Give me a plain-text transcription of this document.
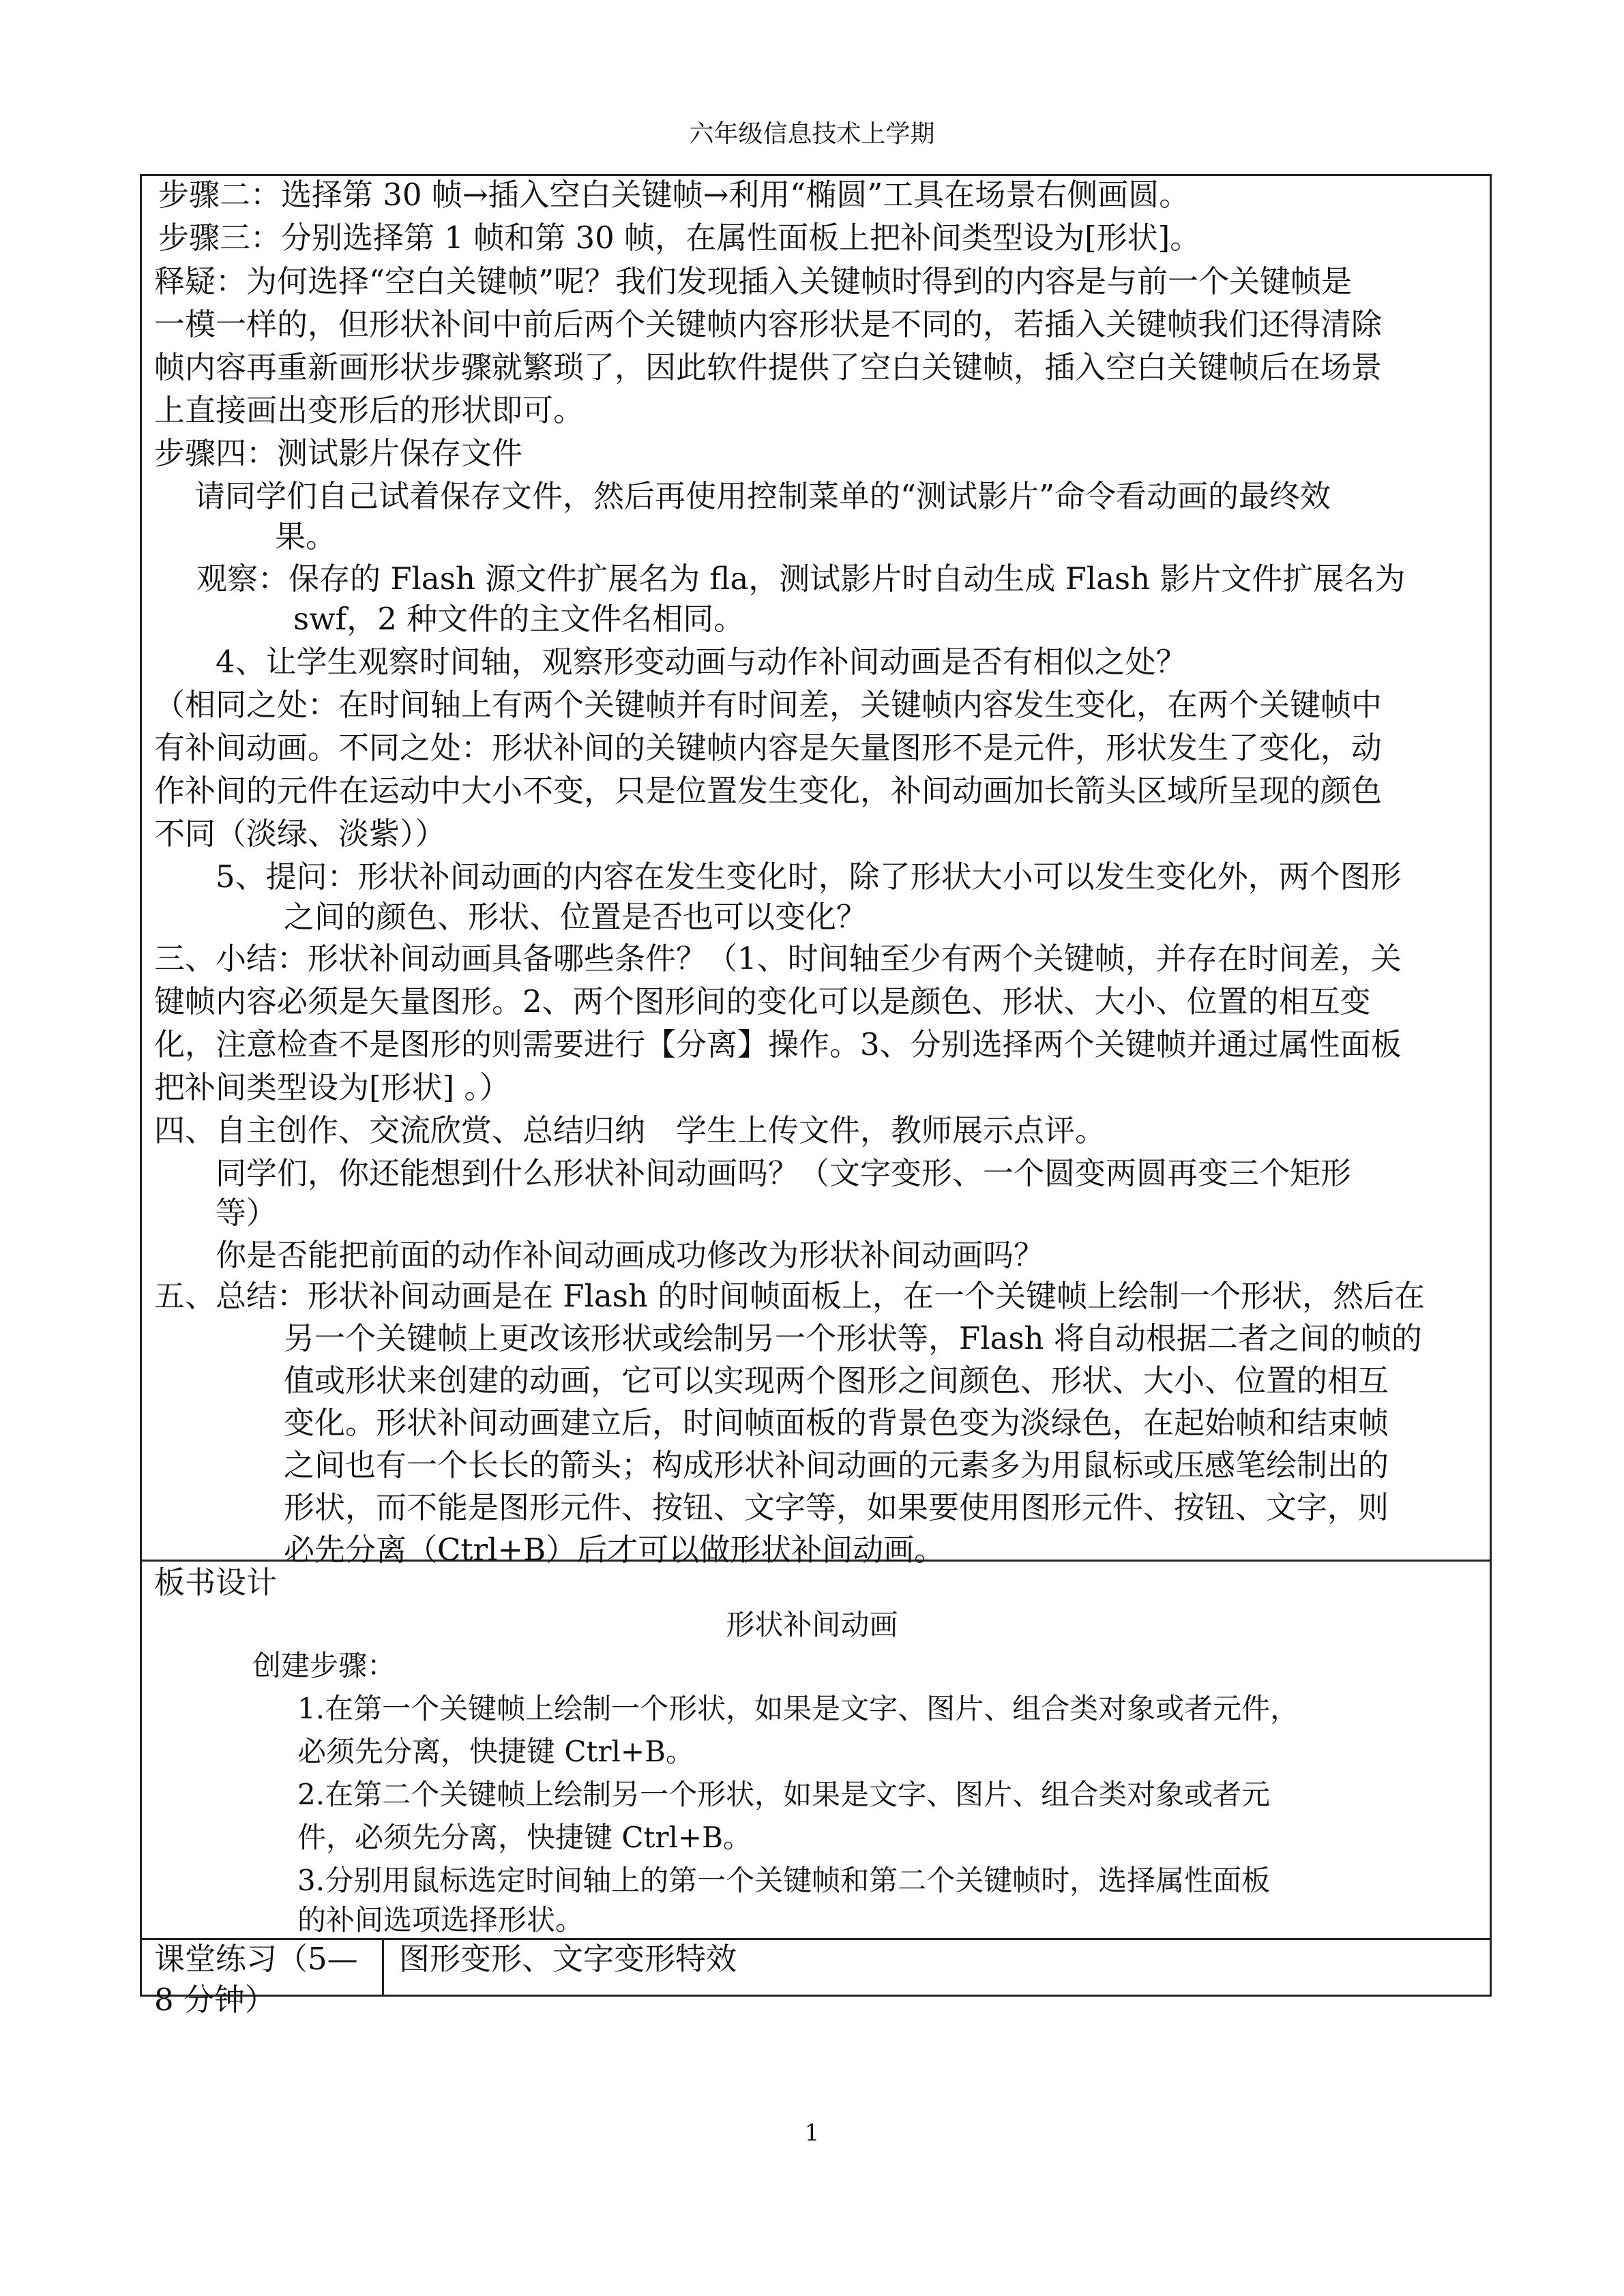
六年级信息技术上学期
步骤二：选择第 30 帧→插入空白关键帧→利用“椭圆”工具在场景右侧画圆。
步骤三：分别选择第 1 帧和第 30 帧，在属性面板上把补间类型设为[形状]。
释疑：为何选择“空白关键帧”呢？我们发现插入关键帧时得到的内容是与前一个关键帧是
一模一样的，但形状补间中前后两个关键帧内容形状是不同的，若插入关键帧我们还得清除
帧内容再重新画形状步骤就繁琐了，因此软件提供了空白关键帧，插入空白关键帧后在场景
上直接画出变形后的形状即可。
步骤四：测试影片保存文件
请同学们自己试着保存文件，然后再使用控制菜单的“测试影片”命令看动画的最终效
果。
观察：保存的 Flash 源文件扩展名为 fla，测试影片时自动生成 Flash 影片文件扩展名为
swf，2 种文件的主文件名相同。
4、让学生观察时间轴，观察形变动画与动作补间动画是否有相似之处？
（相同之处：在时间轴上有两个关键帧并有时间差，关键帧内容发生变化，在两个关键帧中
有补间动画。不同之处：形状补间的关键帧内容是矢量图形不是元件，形状发生了变化，动
作补间的元件在运动中大小不变，只是位置发生变化，补间动画加长箭头区域所呈现的颜色
不同（淡绿、淡紫））
5、提问：形状补间动画的内容在发生变化时，除了形状大小可以发生变化外，两个图形
之间的颜色、形状、位置是否也可以变化？
三、小结：形状补间动画具备哪些条件？（1、时间轴至少有两个关键帧，并存在时间差，关
键帧内容必须是矢量图形。2、两个图形间的变化可以是颜色、形状、大小、位置的相互变
化，注意检查不是图形的则需要进行【分离】操作。3、分别选择两个关键帧并通过属性面板
把补间类型设为[形状] 。）
四、自主创作、交流欣赏、总结归纳　学生上传文件，教师展示点评。
同学们，你还能想到什么形状补间动画吗？（文字变形、一个圆变两圆再变三个矩形
等）
你是否能把前面的动作补间动画成功修改为形状补间动画吗？
五、总结：形状补间动画是在 Flash 的时间帧面板上，在一个关键帧上绘制一个形状，然后在
另一个关键帧上更改该形状或绘制另一个形状等，Flash 将自动根据二者之间的帧的
值或形状来创建的动画，它可以实现两个图形之间颜色、形状、大小、位置的相互
变化。形状补间动画建立后，时间帧面板的背景色变为淡绿色，在起始帧和结束帧
之间也有一个长长的箭头；构成形状补间动画的元素多为用鼠标或压感笔绘制出的
形状，而不能是图形元件、按钮、文字等，如果要使用图形元件、按钮、文字，则
必先分离（Ctrl+B）后才可以做形状补间动画。
板书设计
形状补间动画
创建步骤：
1.在第一个关键帧上绘制一个形状，如果是文字、图片、组合类对象或者元件，
必须先分离，快捷键 Ctrl+B。
2.在第二个关键帧上绘制另一个形状，如果是文字、图片、组合类对象或者元
件，必须先分离，快捷键 Ctrl+B。
3.分别用鼠标选定时间轴上的第一个关键帧和第二个关键帧时，选择属性面板
的补间选项选择形状。
课堂练习（5—
8 分钟）
图形变形、文字变形特效
1
